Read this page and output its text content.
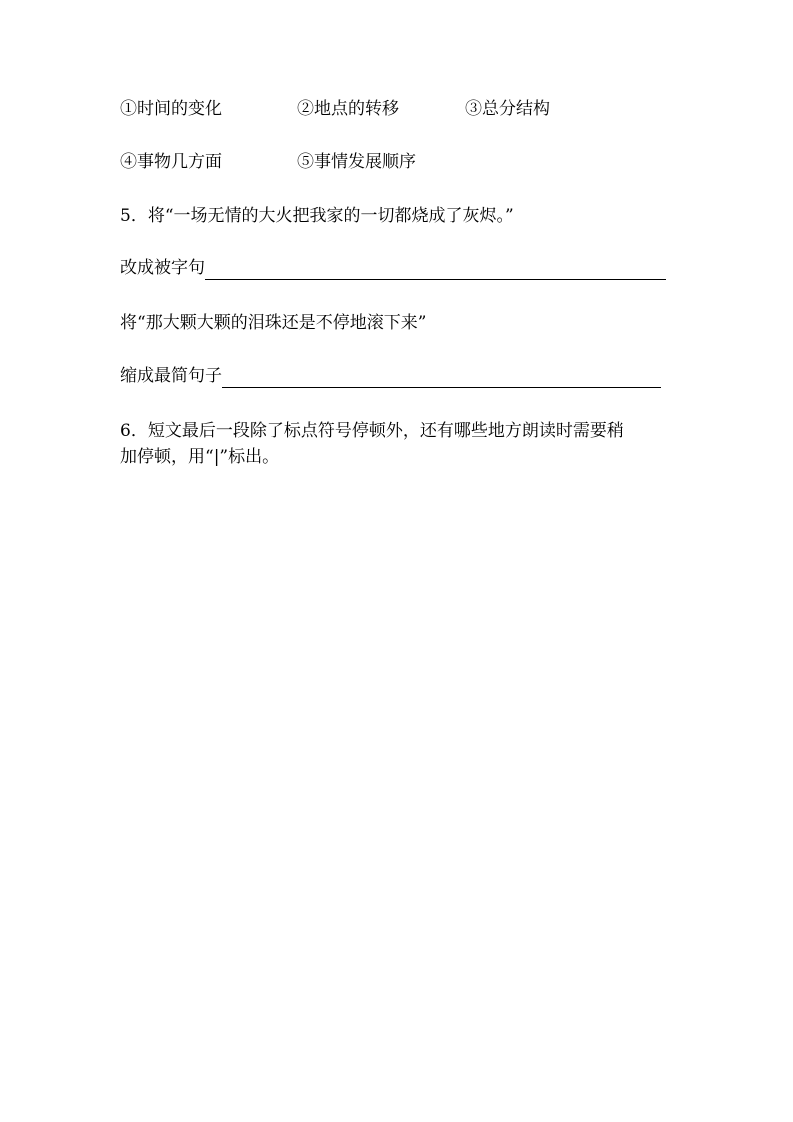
①时间的变化	②地点的转移	③总分结构
④事物几方面	⑤事情发展顺序
5．将“一场无情的大火把我家的一切都烧成了灰烬。”
改成被字句
将“那大颗大颗的泪珠还是不停地滚下来”
缩成最简句子
6．短文最后一段除了标点符号停顿外，还有哪些地方朗读时需要稍
加停顿，用“|”标出。
